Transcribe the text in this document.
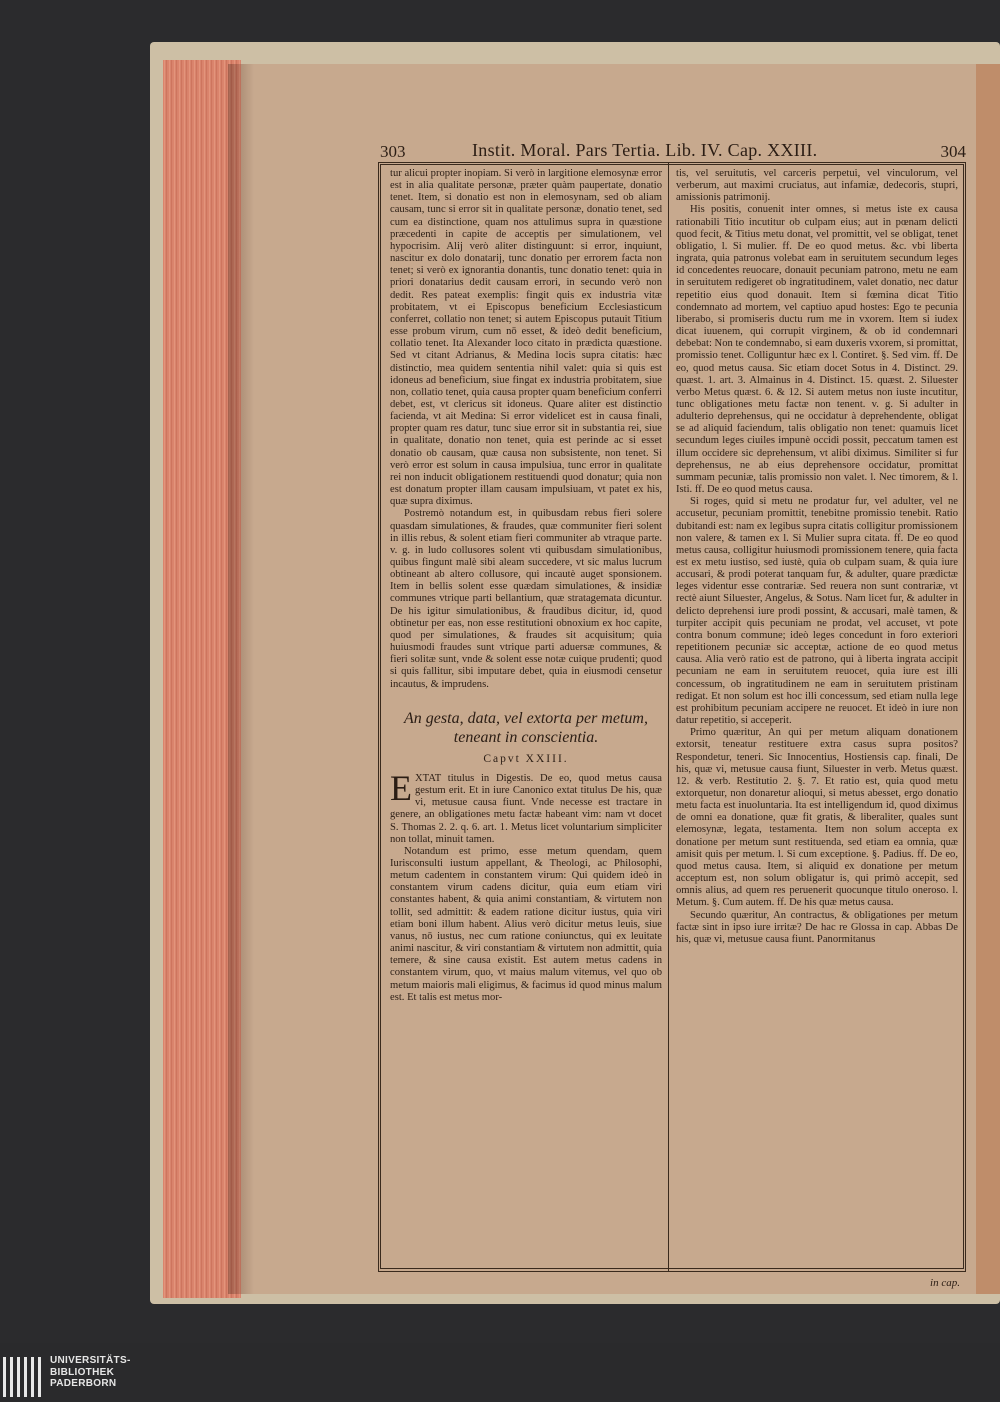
303	Instit. Moral. Pars Tertia. Lib. IV. Cap. XXIII.	304

tur alicui propter inopiam. Si verò in largitione elemosynæ error est in alia qualitate personæ, præter quàm paupertate, donatio tenet. Item, si donatio est non in elemosynam, sed ob aliam causam, tunc si error sit in qualitate personæ, donatio tenet, sed cum ea distinctione, quam nos attulimus supra in quæstione præcedenti in capite de acceptis per simulationem, vel hypocrisim. Alij verò aliter distinguunt: si error, inquiunt, nascitur ex dolo donatarij, tunc donatio per errorem facta non tenet; si verò ex ignorantia donantis, tunc donatio tenet: quia in priori donatarius dedit causam errori, in secundo verò non dedit. Res pateat exemplis: fingit quis ex industria vitæ probitatem, vt ei Episcopus beneficium Ecclesiasticum conferret, collatio non tenet; si autem Episcopus putauit Titium esse probum virum, cum nō esset, & ideò dedit beneficium, collatio tenet. Ita Alexander loco citato in prædicta quæstione. Sed vt citant Adrianus, & Medina locis supra citatis: hæc distinctio, mea quidem sententia nihil valet: quia si quis est idoneus ad beneficium, siue fingat ex industria probitatem, siue non, collatio tenet, quia causa propter quam beneficium conferri debet, est, vt clericus sit idoneus. Quare aliter est distinctio facienda, vt ait Medina: Si error videlicet est in causa finali, propter quam res datur, tunc siue error sit in substantia rei, siue in qualitate, donatio non tenet, quia est perinde ac si esset donatio ob causam, quæ causa non subsistente, non tenet. Si verò error est solum in causa impulsiua, tunc error in qualitate rei non inducit obligationem restituendi quod donatur; quia non est donatum propter illam causam impulsiuam, vt patet ex his, quæ supra diximus.

Postremò notandum est, in quibusdam rebus fieri solere quasdam simulationes, & fraudes, quæ communiter fieri solent in illis rebus, & solent etiam fieri communiter ab vtraque parte. v. g. in ludo collusores solent vti quibusdam simulationibus, quibus fingunt malè sibi aleam succedere, vt sic malus lucrum obtineant ab altero collusore, qui incautè auget sponsionem. Item in bellis solent esse quædam simulationes, & insidiæ communes vtrique parti bellantium, quæ stratagemata dicuntur. De his igitur simulationibus, & fraudibus dicitur, id, quod obtinetur per eas, non esse restitutioni obnoxium ex hoc capite, quod per simulationes, & fraudes sit acquisitum; quia huiusmodi fraudes sunt vtrique parti aduersæ communes, & fieri solitæ sunt, vnde & solent esse notæ cuique prudenti; quod si quis fallitur, sibi imputare debet, quia in eiusmodi censetur incautus, & imprudens.

An gesta, data, vel extorta per metum, teneant in conscientia.
Capvt XXIII.

EXTAT titulus in Digestis. De eo, quod metus causa gestum erit. Et in iure Canonico extat titulus De his, quæ vi, metusue causa fiunt. Vnde necesse est tractare in genere, an obligationes metu factæ habeant vim: nam vt docet S. Thomas 2. 2. q. 6. art. 1. Metus licet voluntarium simpliciter non tollat, minuit tamen.

Notandum est primo, esse metum quendam, quem Iurisconsulti iustum appellant, & Theologi, ac Philosophi, metum cadentem in constantem virum: Qui quidem ideò in constantem virum cadens dicitur, quia eum etiam viri constantes habent, & quia animi constantiam, & virtutem non tollit, sed admittit: & eadem ratione dicitur iustus, quia viri etiam boni illum habent. Alius verò dicitur metus leuis, siue vanus, nō iustus, nec cum ratione coniunctus, qui ex leuitate animi nascitur, & viri constantiam & virtutem non admittit, quia temere, & sine causa existit. Est autem metus cadens in constantem virum, quo, vt maius malum vitemus, vel quo ob metum maioris mali eligimus, & facimus id quod minus malum est. Et talis est metus mor-

tis, vel seruitutis, vel carceris perpetui, vel vinculorum, vel verberum, aut maximi cruciatus, aut infamiæ, dedecoris, stupri, amissionis patrimonij.

His positis, conuenit inter omnes, si metus iste ex causa rationabili Titio incutitur ob culpam eius; aut in pœnam delicti quod fecit, & Titius metu donat, vel promittit, vel se obligat, tenet obligatio, l. Si mulier. ff. De eo quod metus. &c. vbi liberta ingrata, quia patronus volebat eam in seruitutem secundum leges id concedentes reuocare, donauit pecuniam patrono, metu ne eam in seruitutem redigeret ob ingratitudinem, valet donatio, nec datur repetitio eius quod donauit. Item si fœmina dicat Titio condemnato ad mortem, vel captiuo apud hostes: Ego te pecunia liberabo, si promiseris ductu rum me in vxorem. Item si iudex dicat iuuenem, qui corrupit virginem, & ob id condemnari debebat: Non te condemnabo, si eam duxeris vxorem, si promittat, promissio tenet. Colliguntur hæc ex l. Contiret. §. Sed vim. ff. De eo, quod metus causa. Sic etiam docet Sotus in 4. Distinct. 29. quæst. 1. art. 3. Almainus in 4. Distinct. 15. quæst. 2. Siluester verbo Metus quæst. 6. & 12. Si autem metus non iuste incutitur, tunc obligationes metu factæ non tenent. v. g. Si adulter in adulterio deprehensus, qui ne occidatur à deprehendente, obligat se ad aliquid faciendum, talis obligatio non tenet: quamuis licet secundum leges ciuiles impunè occidi possit, peccatum tamen est illum occidere sic deprehensum, vt alibi diximus. Similiter si fur deprehensus, ne ab eius deprehensore occidatur, promittat summam pecuniæ, talis promissio non valet. l. Nec timorem, & l. Isti. ff. De eo quod metus causa.

Si roges, quid si metu ne prodatur fur, vel adulter, vel ne accusetur, pecuniam promittit, tenebitne promissio tenebit. Ratio dubitandi est: nam ex legibus supra citatis colligitur promissionem non valere, & tamen ex l. Si Mulier supra citata. ff. De eo quod metus causa, colligitur huiusmodi promissionem tenere, quia facta est ex metu iustiso, sed iustè, quia ob culpam suam, & quia iure accusari, & prodi poterat tanquam fur, & adulter, quare prædictæ leges videntur esse contrariæ. Sed reuera non sunt contrariæ, vt rectè aiunt Siluester, Angelus, & Sotus. Nam licet fur, & adulter in delicto deprehensi iure prodi possint, & accusari, malè tamen, & turpiter accipit quis pecuniam ne prodat, vel accuset, vt pote contra bonum commune; ideò leges concedunt in foro exteriori repetitionem pecuniæ sic acceptæ, actione de eo quod metus causa. Alia verò ratio est de patrono, qui à liberta ingrata accipit pecuniam ne eam in seruitutem reuocet, quia iure est illi concessum, ob ingratitudinem ne eam in seruitutem pristinam redigat. Et non solum est hoc illi concessum, sed etiam nulla lege est prohibitum pecuniam accipere ne reuocet. Et ideò in iure non datur repetitio, si acceperit.

Primo quæritur, An qui per metum aliquam donationem extorsit, teneatur restituere extra casus supra positos? Respondetur, teneri. Sic Innocentius, Hostiensis cap. finali, De his, quæ vi, metusue causa fiunt, Siluester in verb. Metus quæst. 12. & verb. Restitutio 2. §. 7. Et ratio est, quia quod metu extorquetur, non donaretur alioqui, si metus abesset, ergo donatio metu facta est inuoluntaria. Ita est intelligendum id, quod diximus de omni ea donatione, quæ fit gratis, & liberaliter, quales sunt elemosynæ, legata, testamenta. Item non solum accepta ex donatione per metum sunt restituenda, sed etiam ea omnia, quæ amisit quis per metum. l. Si cum exceptione. §. Padius. ff. De eo, quod metus causa. Item, si aliquid ex donatione per metum acceptum est, non solum obligatur is, qui primò accepit, sed omnis alius, ad quem res peruenerit quocunque titulo oneroso. l. Metum. §. Cum autem. ff. De his quæ metus causa.

Secundo quæritur, An contractus, & obligationes per metum factæ sint in ipso iure irritæ? De hac re Glossa in cap. Abbas De his, quæ vi, metusue causa fiunt. Panormitanus

in cap.
UNIVERSITÄTS-
BIBLIOTHEK
PADERBORN
